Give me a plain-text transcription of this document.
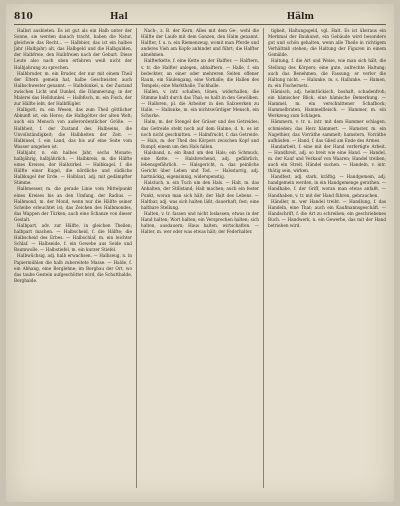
810	Hal	Hälm

Halbst ausbieten. Es ist gut als ein Halb unter der Sonne, sie werden danach tracht, haben die Natur, gleichwie das Recht... — Halbbier, das ist ein halbes Jahr (Halbjahr) alt, das Halbgeld und die Halbgulden, der Halbfreie, den Halbfreien nach der Geburt. Diese Leute also nach oben erfahren weiß nicht der Halbjahrung zu sprechen.

Halbbruder, m. ein Bruder, der nur mit einem Theil der Eltern gemein hat, halbe Geschwister, auch Halbschwester genannt. — Halbdunkel, n. der Zustand zwischen Licht und Dunkel, die Dämmerung; in der Malerei das Helldunkel. — Halbfisch, m. ein Fisch, der zur Hälfte lebt, der Halbflügler.

Halbgott, m. ein Wesen, das zum Theil göttlicher Abkunft ist, ein Heros; die Halbgötter der alten Welt; auch ein Mensch von außerordentlicher Größe. — Halbheit, f. der Zustand des Halbseins, die Unvollständigkeit; die Halbheiten der Zeit. — Halbinsel, f. ein Land, das bis auf eine Seite vom Wasser umgeben ist.

Halbjahr, n. ein halbes Jahr, sechs Monate; halbjährig, halbjährlich. — Halbkreis, m. die Hälfte eines Kreises, der Halbzirkel. — Halbkugel, f. die Hälfte einer Kugel, die nördliche und südliche Halbkugel der Erde. — Halblaut, adj. mit gedämpfter Stimme.

Halbmesser, m. die gerade Linie vom Mittelpunkt eines Kreises bis an den Umfang, der Radius. — Halbmond, m. der Mond, wenn nur die Hälfte seiner Scheibe erleuchtet ist; das Zeichen des Halbmondes, das Wappen der Türken; auch eine Schanze von dieser Gestalt.

Halbpart, adv. zur Hälfte, in gleichen Theilen; halbpart machen. — Halbscheid, f. die Hälfte; die Halbscheid des Erbes. — Halbschlaf, m. ein leichter Schlaf. — Halbseide, f. ein Gewebe aus Seide und Baumwolle. — Halbstiefel, m. ein kurzer Stiefel.

Halbwüchsig, adj. halb erwachsen. — Halbzeug, n. in Papiermühlen die halb zubereitete Masse. — Halde, f. ein Abhang, eine Berglehne; im Bergbau der Ort, wo das taube Gestein aufgeschüttet wird, die Schutthalde, Berghalde.

Nach-, z. B. der Kern, Alles mit dem Ge-, wohl die Hälfte der Laufe mit dem Ganzen, den Halm genannt. Halfter, f. u. n. ein Riemenzeug, womit man Pferde und anderes Vieh am Kopfe anbindet und führt; die Halfter abnehmen.

Halfterkette, f. eine Kette an der Halfter. — Halftern, v. tr. die Halfter anlegen, abhalftern. — Halle, f. ein bedeckter, an einer oder mehreren Seiten offener Raum, ein Säulengang, eine Vorhalle; die Hallen des Tempels; eine Markthalle, Tuchhalle.

Hallen, v. intr. schallen, tönen, widerhallen; die Stimme hallt durch das Thal; es hallt in den Gewölben. — Halloren, pl. die Arbeiter in den Salzwerken zu Halle. — Hallunke, m. ein nichtswürdiger Mensch, ein Schurke.

Halm, m. der Stengel der Gräser und des Getreides; das Getreide steht noch auf dem Halme, d. h. es ist noch nicht geschnitten. — Halmfrucht, f. das Getreide. — Hals, m. der Theil des Körpers zwischen Kopf und Rumpf; einem um den Hals fallen.

Halsband, n. ein Band um den Hals; ein Schmuck, eine Kette. — Halsbrechend, adj. gefährlich, lebensgefährlich. — Halsgericht, n. das peinliche Gericht über Leben und Tod. — Halsstarrig, adj. hartnäckig, eigensinnig, widerspenstig.

Halstuch, n. ein Tuch um den Hals. — Halt, m. das Anhalten, der Stillstand; Halt machen; auch ein fester Punkt, woran man sich hält; der Halt des Lebens. — Haltbar, adj. was sich halten läßt, dauerhaft, fest; eine haltbare Stellung.

Halten, v. tr. fassen und nicht loslassen; etwas in der Hand halten; Wort halten; ein Versprechen halten; sich halten, ausdauern; Haus halten, wirtschaften. — Halter, m. wer oder was etwas hält; der Federhalter.

tigkeit, Haltungsgeld, vgl. Halt. Es ist überaus ein Merkmal der Baukunst, ein Gebäude wird besonders gut und schön gehalten, wenn alle Theile in richtigem Verhältniß stehen; die Haltung der Figuren in einem Gemälde.

Haltung, f. die Art und Weise, wie man sich hält, die Stellung des Körpers; eine gute, aufrechte Haltung; auch das Benehmen, die Fassung; er verlor die Haltung nicht. — Halunke, m. s. Hallunke. — Hamen, m. ein Fischernetz.

Hämisch, adj. heimtückisch, boshaft, schadenfroh; ein hämischer Blick, eine hämische Bemerkung. — Hammel, m. ein verschnittener Schafbock; Hammelbraten, Hammelfleisch. — Hammer, m. ein Werkzeug zum Schlagen.

Hämmern, v. tr. u. intr. mit dem Hammer schlagen, schmieden; das Herz hämmert. — Hamster, m. ein Nagethier, das Vorräthe sammelt; hamstern, Vorräthe aufhäufen. — Hand, f. das Glied am Ende des Armes.

Handarbeit, f. eine mit der Hand verfertigte Arbeit. — Handbreit, adj. so breit wie eine Hand. — Handel, m. der Kauf und Verkauf von Waaren; Handel treiben; auch ein Streit, Händel suchen. — Handeln, v. intr. thätig sein, wirken.

Handfest, adj. stark, kräftig. — Handgemein, adj. handgemein werden, in ein Handgemenge gerathen. — Handhabe, f. der Griff, woran man etwas anfaßt. — Handhaben, v. tr. mit der Hand führen, gebrauchen.

Händler, m. wer Handel treibt. — Handlung, f. das Handeln, eine That; auch ein Kaufmannsgeschäft. — Handschrift, f. die Art zu schreiben; ein geschriebenes Buch. — Handwerk, n. ein Gewerbe, das mit der Hand betrieben wird.
